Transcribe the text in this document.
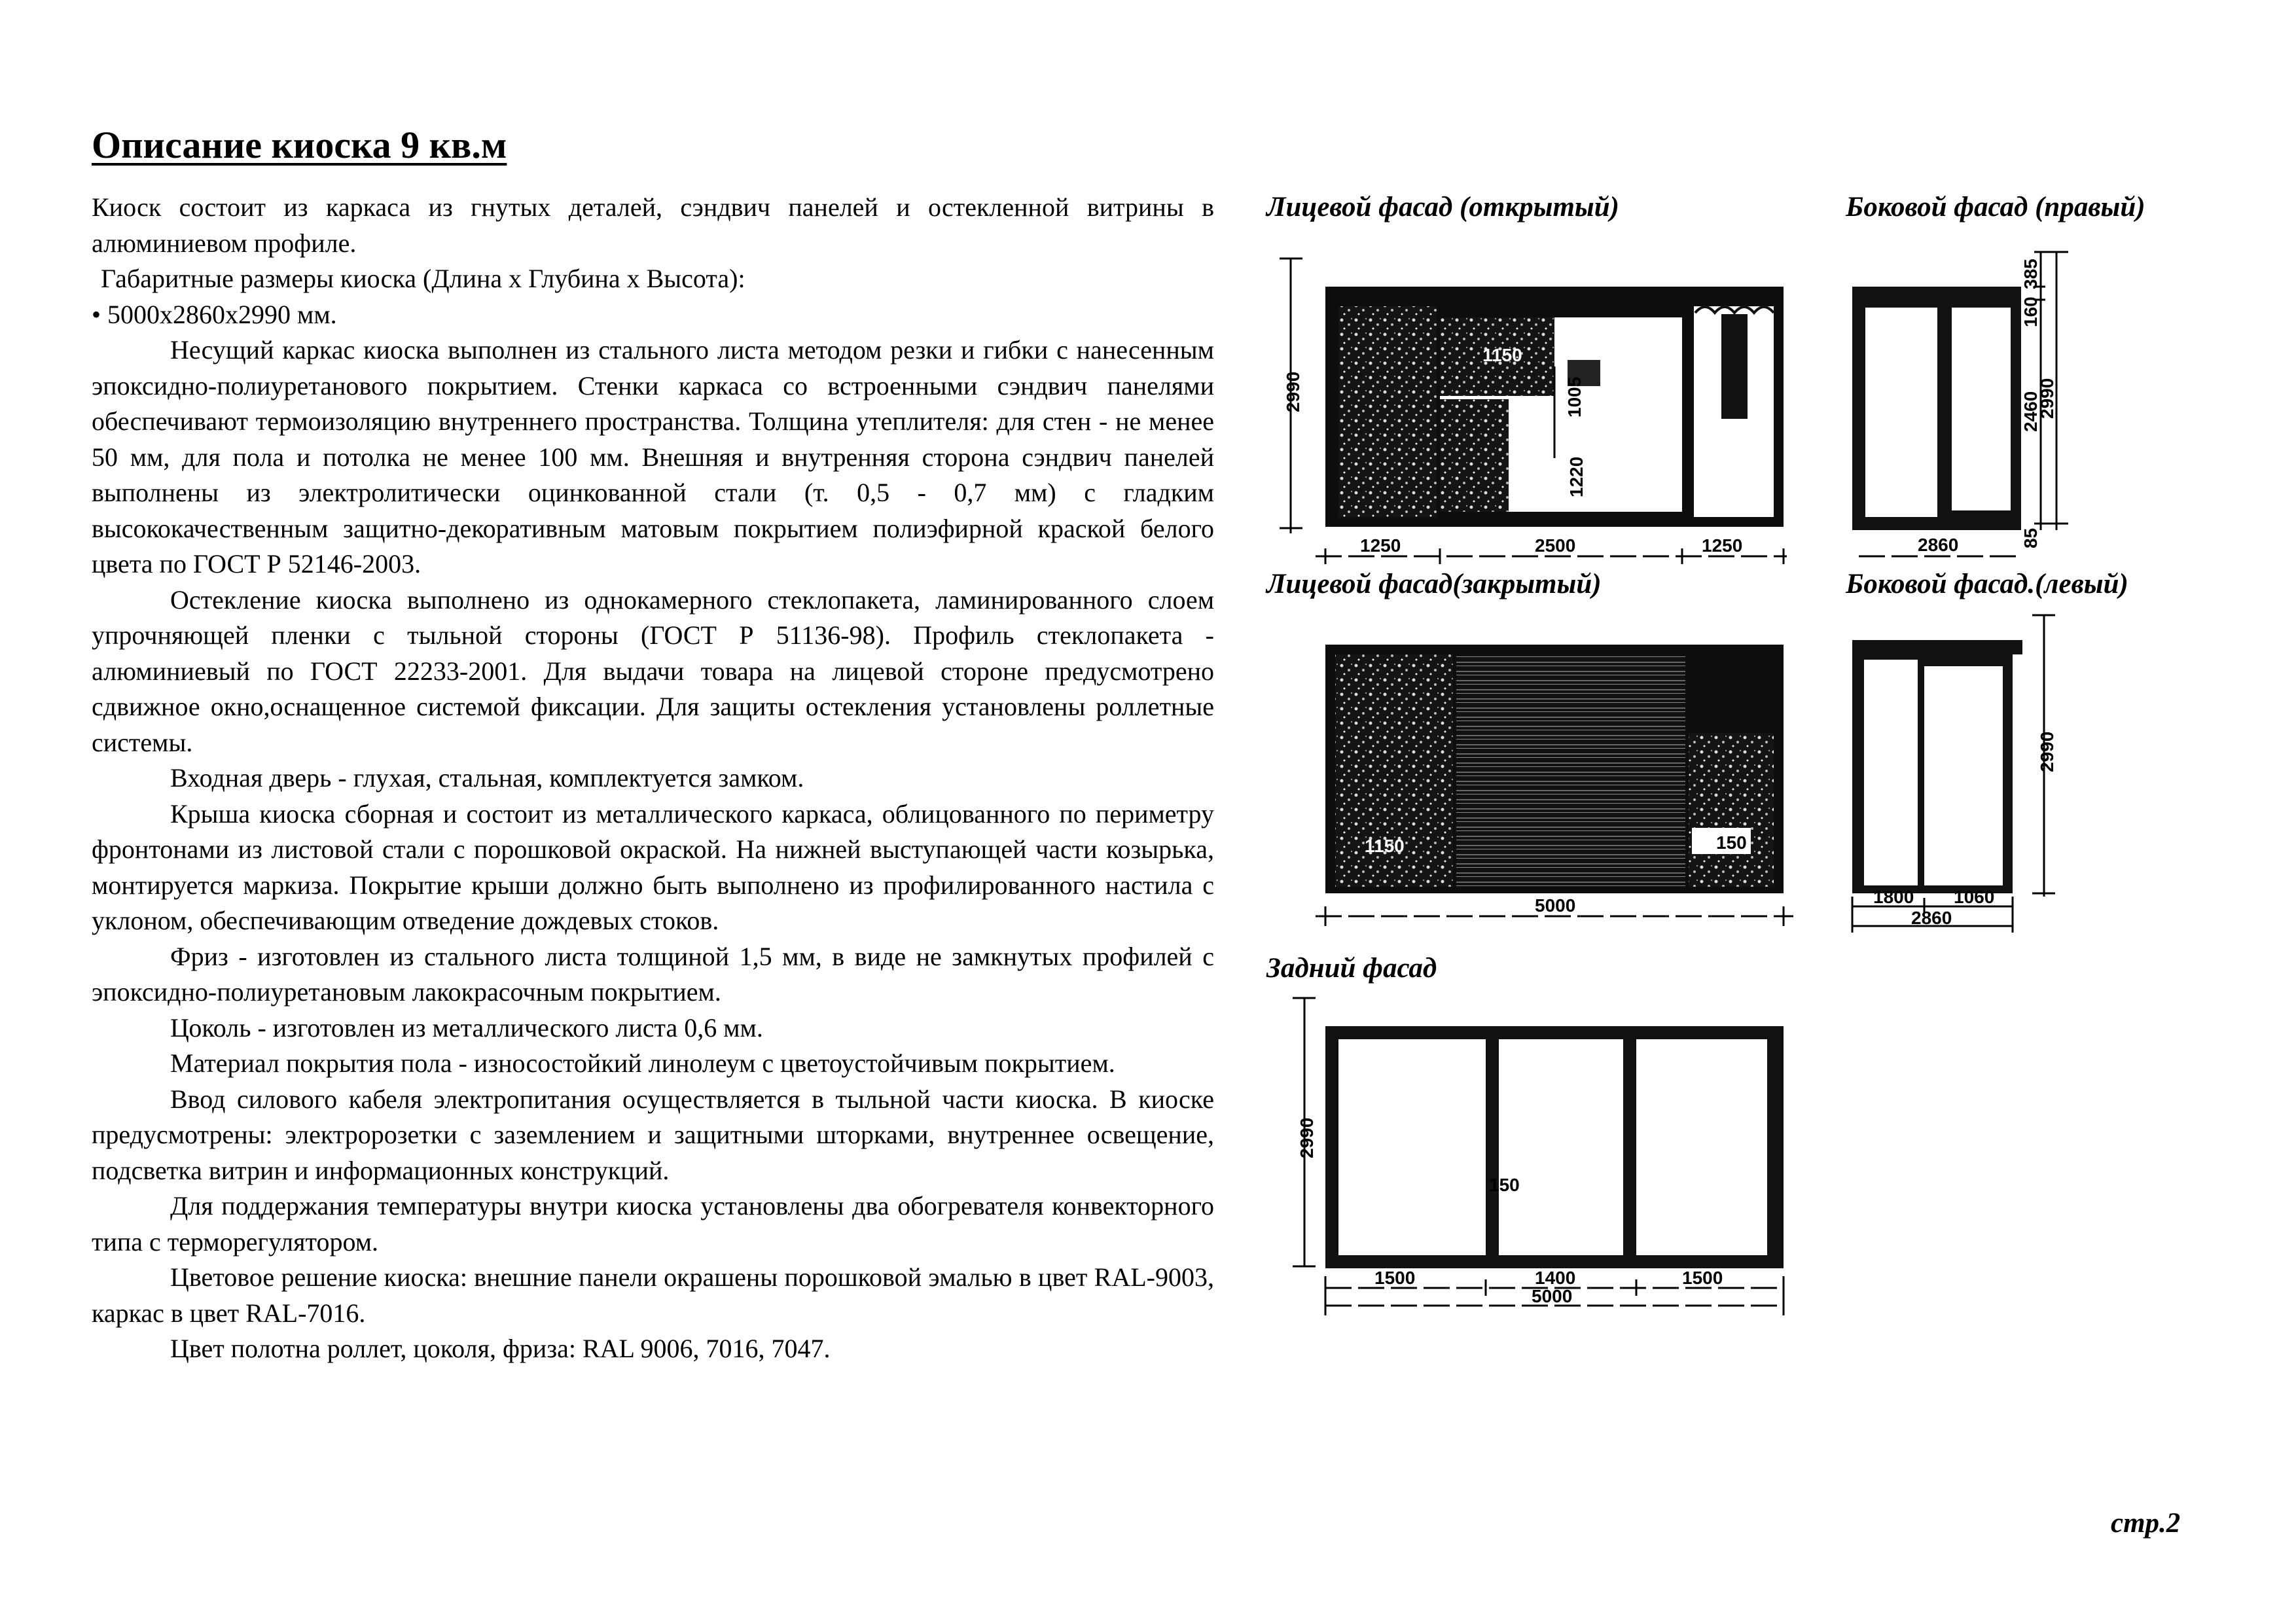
Описание киоска 9 кв.м

Киоск состоит из каркаса из гнутых деталей, сэндвич панелей и остекленной витрины в алюминиевом профиле.

Габаритные размеры киоска (Длина х Глубина х Высота):

• 5000х2860х2990 мм.

Несущий каркас киоска выполнен из стального листа методом резки и гибки с нанесенным эпоксидно-полиуретанового покрытием. Стенки каркаса со встроенными сэндвич панелями обеспечивают термоизоляцию внутреннего пространства. Толщина утеплителя: для стен - не менее 50 мм, для пола и потолка не менее 100 мм. Внешняя и внутренняя сторона сэндвич панелей выполнены из электролитически оцинкованной стали (т. 0,5 - 0,7 мм) с гладким высококачественным защитно-декоративным матовым покрытием полиэфирной краской белого цвета по ГОСТ Р 52146-2003.

Остекление киоска выполнено из однокамерного стеклопакета, ламинированного слоем упрочняющей пленки с тыльной стороны (ГОСТ Р 51136-98). Профиль стеклопакета - алюминиевый по ГОСТ 22233-2001. Для выдачи товара на лицевой стороне предусмотрено сдвижное окно,оснащенное системой фиксации. Для защиты остекления установлены роллетные системы.

Входная дверь - глухая, стальная, комплектуется замком.

Крыша киоска сборная и состоит из металлического каркаса, облицованного по периметру фронтонами из листовой стали с порошковой окраской. На нижней выступающей части козырька, монтируется маркиза. Покрытие крыши должно быть выполнено из профилированного настила с уклоном, обеспечивающим отведение дождевых стоков.

Фриз - изготовлен из стального листа толщиной 1,5 мм, в виде не замкнутых профилей с эпоксидно-полиуретановым лакокрасочным покрытием.

Цоколь - изготовлен из металлического листа 0,6 мм.

Материал покрытия пола - износостойкий линолеум с цветоустойчивым покрытием.

Ввод силового кабеля электропитания осуществляется в тыльной части киоска. В киоске предусмотрены: электророзетки с заземлением и защитными шторками, внутреннее освещение, подсветка витрин и информационных конструкций.

Для поддержания температуры внутри киоска установлены два обогревателя конвекторного типа с терморегулятором.

Цветовое решение киоска: внешние панели окрашены порошковой эмалью в цвет RAL-9003, каркас в цвет RAL-7016.

Цвет полотна роллет, цоколя, фриза: RAL 9006, 7016, 7047.

Лицевой фасад (открытый)	Боковой фасад (правый)
Лицевой фасад(закрытый)	Боковой фасад.(левый)
Задний фасад
1150
1005
1220
2990
1250	2500	1250
385
160
2460
2990
85
2860
1150	150
5000
2990
1800 1060
2860
150
2990
1500	1400	1500
5000
стр.2
